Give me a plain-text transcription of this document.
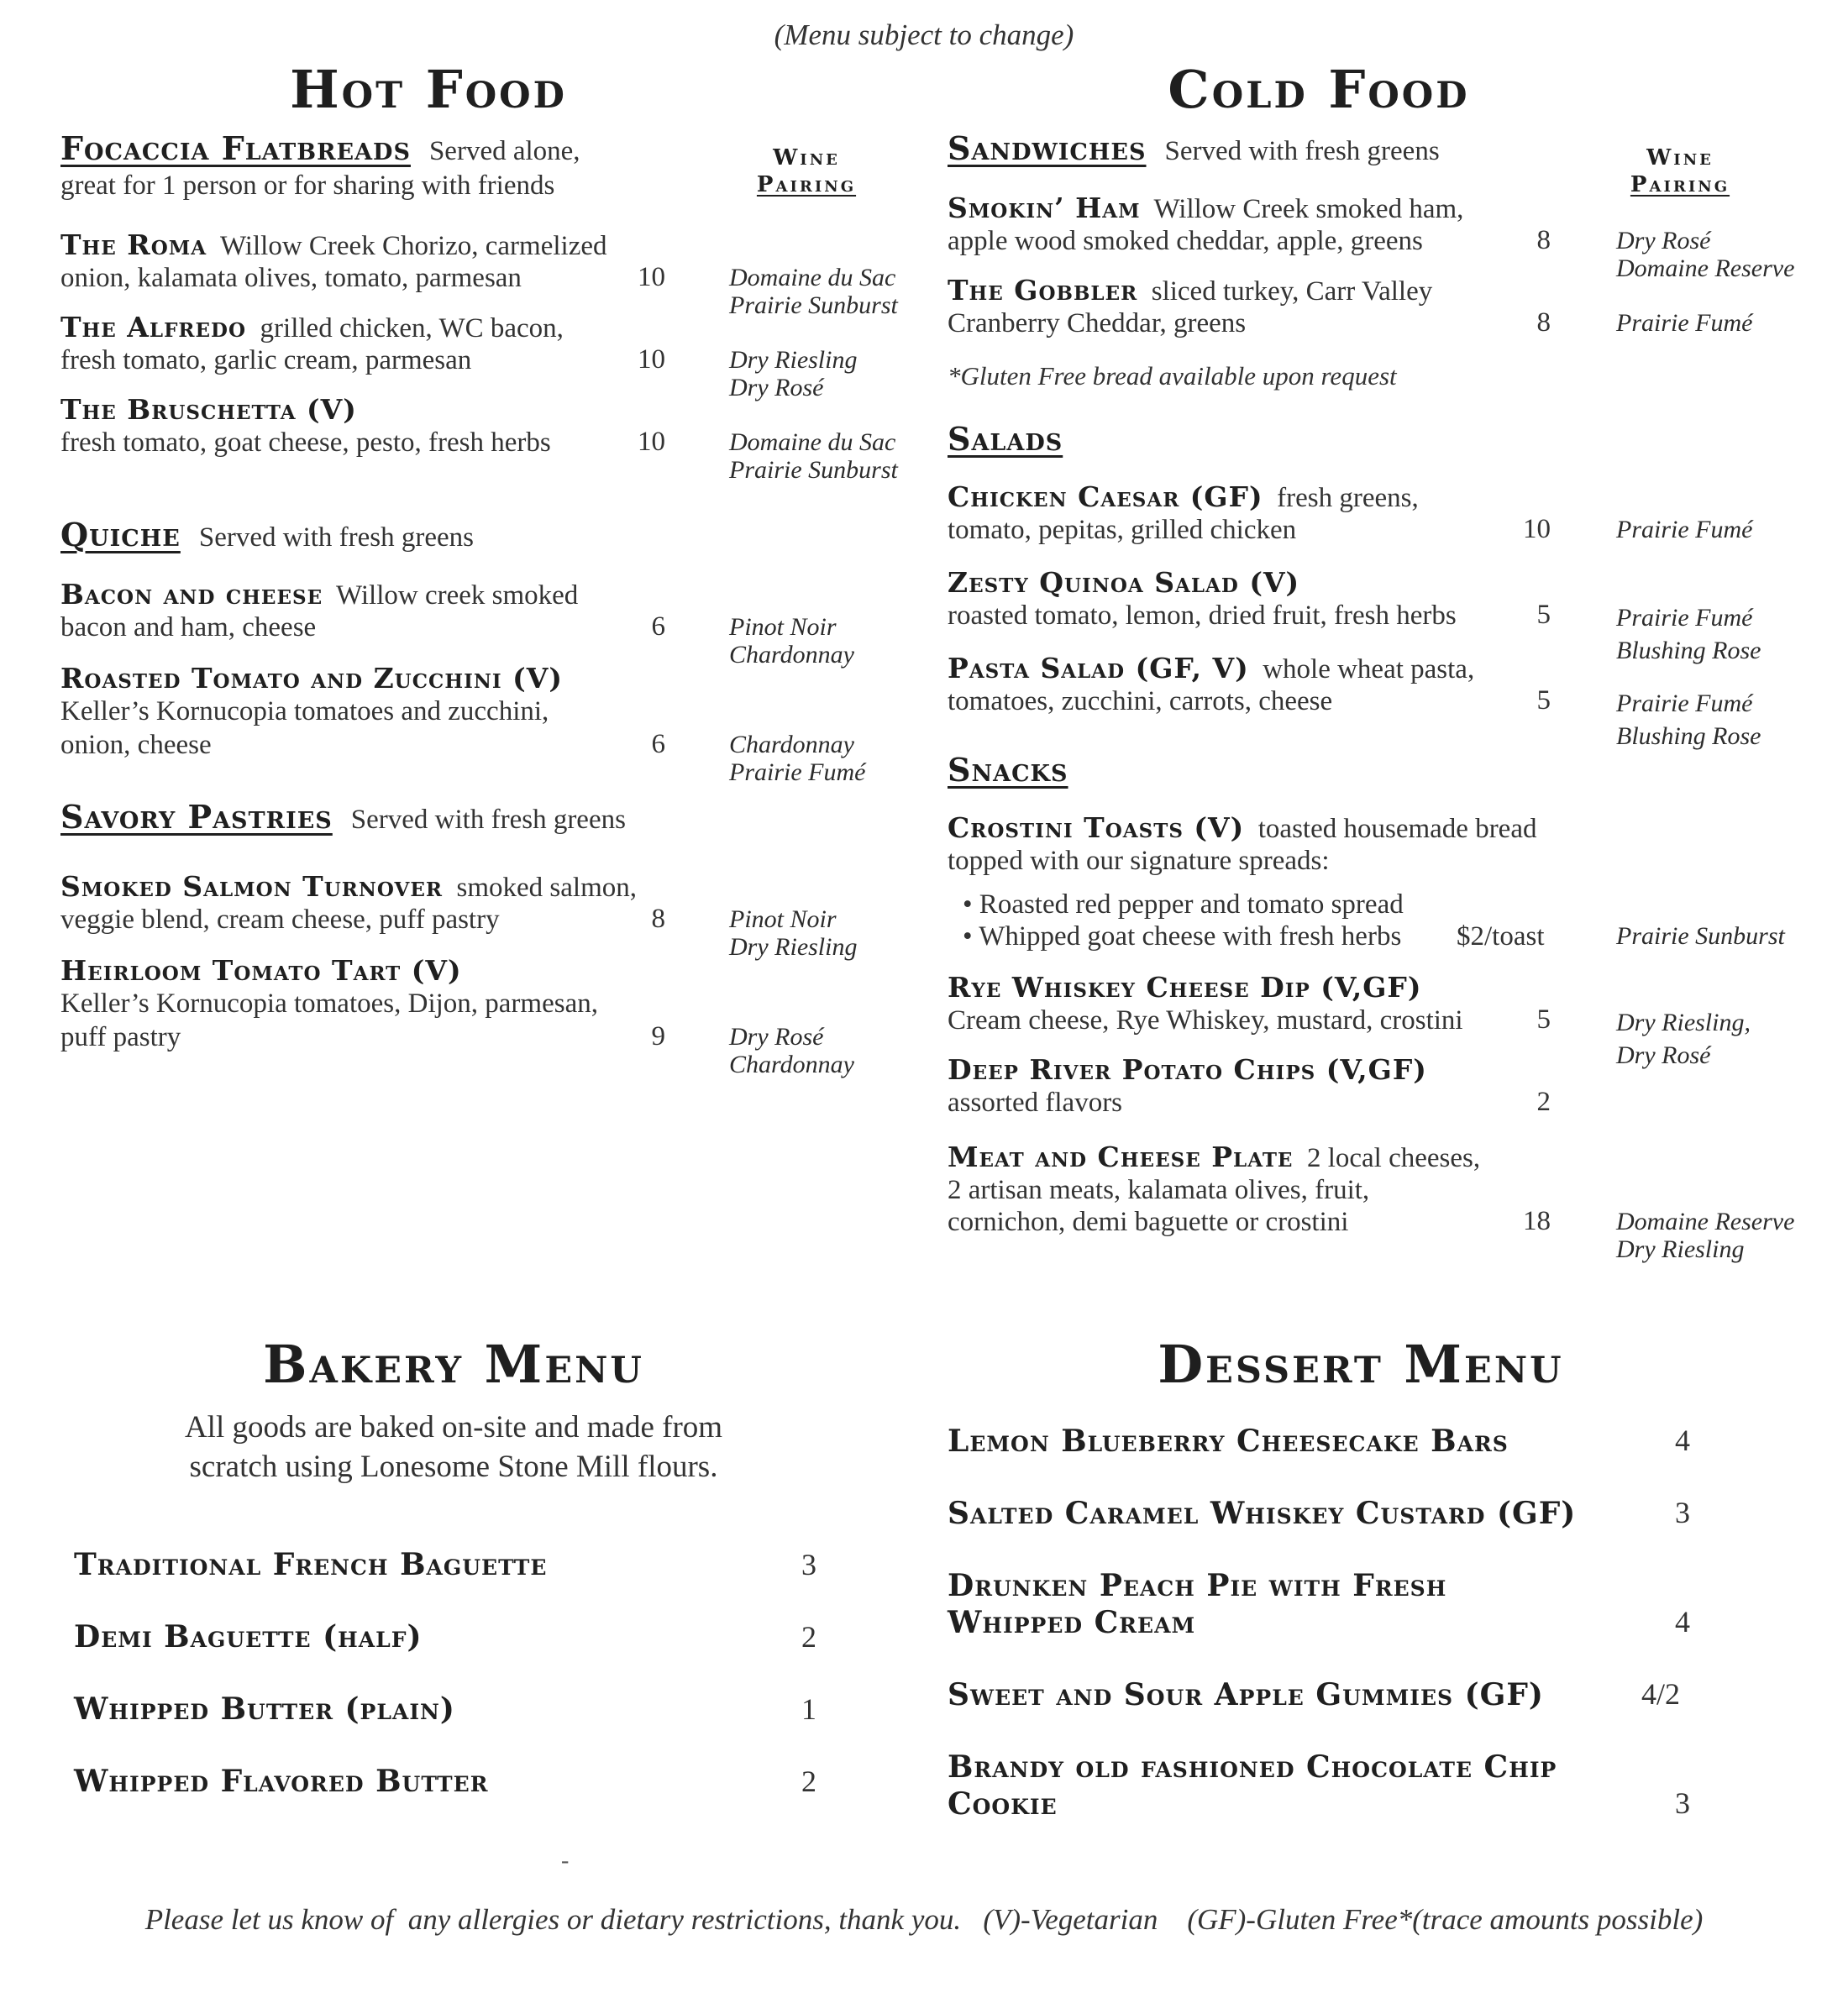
(Menu subject to change)
Hot Food
Wine
Pairing
Focaccia Flatbreads Served alone,
great for 1 person or for sharing with friends
The Roma Willow Creek Chorizo, carmelized
onion, kalamata olives, tomato, parmesan	10	Domaine du Sac
Prairie Sunburst
The Alfredo grilled chicken, WC bacon,
fresh tomato, garlic cream, parmesan	10	Dry Riesling
Dry Rosé
The Bruschetta (V)
fresh tomato, goat cheese, pesto, fresh herbs	10	Domaine du Sac
Prairie Sunburst
Quiche Served with fresh greens
Bacon and cheese Willow creek smoked
bacon and ham, cheese	6	Pinot Noir
Chardonnay
Roasted Tomato and Zucchini (V)
Keller’s Kornucopia tomatoes and zucchini,
onion, cheese	6	Chardonnay
Prairie Fumé
Savory Pastries Served with fresh greens
Smoked Salmon Turnover smoked salmon,
veggie blend, cream cheese, puff pastry	8	Pinot Noir
Dry Riesling
Heirloom Tomato Tart (V)
Keller’s Kornucopia tomatoes, Dijon, parmesan,
puff pastry	9	Dry Rosé
Chardonnay
Cold Food
Wine
Pairing
Sandwiches Served with fresh greens
Smokin’ Ham Willow Creek smoked ham,
apple wood smoked cheddar, apple, greens	8	Dry Rosé
Domaine Reserve
The Gobbler sliced turkey, Carr Valley
Cranberry Cheddar, greens	8	Prairie Fumé
*Gluten Free bread available upon request
Salads
Chicken Caesar (GF) fresh greens,
tomato, pepitas, grilled chicken	10	Prairie Fumé
Zesty Quinoa Salad (V)
roasted tomato, lemon, dried fruit, fresh herbs	5	Prairie Fumé
Blushing Rose
Pasta Salad (GF, V) whole wheat pasta,
tomatoes, zucchini, carrots, cheese	5	Prairie Fumé
Blushing Rose
Snacks
Crostini Toasts (V) toasted housemade bread
topped with our signature spreads:
• Roasted red pepper and tomato spread
• Whipped goat cheese with fresh herbs $2/toast	Prairie Sunburst
Rye Whiskey Cheese Dip (V,GF)
Cream cheese, Rye Whiskey, mustard, crostini	5	Dry Riesling,
Dry Rosé
Deep River Potato Chips (V,GF)
assorted flavors	2
Meat and Cheese Plate 2 local cheeses,
2 artisan meats, kalamata olives, fruit,
cornichon, demi baguette or crostini	18	Domaine Reserve
Dry Riesling
Bakery Menu
All goods are baked on-site and made from
scratch using Lonesome Stone Mill flours.
Traditional French Baguette	3
Demi Baguette (half)	2
Whipped Butter (plain)	1
Whipped Flavored Butter	2
Dessert Menu
Lemon Blueberry Cheesecake Bars	4
Salted Caramel Whiskey Custard (GF)	3
Drunken Peach Pie with Fresh
Whipped Cream	4
Sweet and Sour Apple Gummies (GF)	4/2
Brandy old fashioned Chocolate Chip
Cookie	3
-
Please let us know of  any allergies or dietary restrictions, thank you.   (V)-Vegetarian    (GF)-Gluten Free*(trace amounts possible)
